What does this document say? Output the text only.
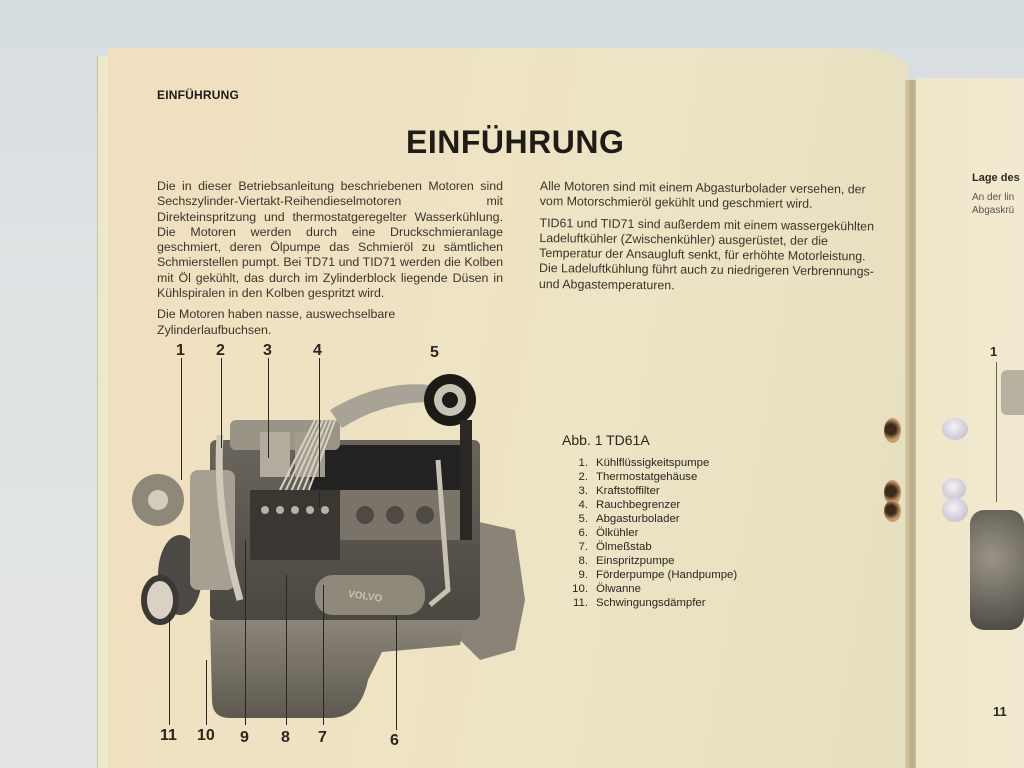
EINFÜHRUNG
EINFÜHRUNG

Die in dieser Betriebsanleitung beschriebenen Motoren sind Sechszylinder-Viertakt-Reihendieselmotoren mit Direkteinspritzung und thermostatgeregelter Wasserkühlung. Die Motoren werden durch eine Druckschmieranlage geschmiert, deren Ölpumpe das Schmieröl zu sämtlichen Schmierstellen pumpt. Bei TD71 und TID71 werden die Kolben mit Öl gekühlt, das durch im Zylinderblock liegende Düsen in Kühlspiralen in den Kolben gespritzt wird.

Die Motoren haben nasse, auswechselbare Zylinderlaufbuchsen.

Alle Motoren sind mit einem Abgasturbolader versehen, der vom Motorschmieröl gekühlt und geschmiert wird.

TID61 und TID71 sind außerdem mit einem wassergekühlten Ladeluftkühler (Zwischenkühler) ausgerüstet, der die Temperatur der Ansaugluft senkt, für erhöhte Motorleistung. Die Ladeluftkühlung führt auch zu niedrigeren Verbrennungs- und Abgastemperaturen.

VOLVO
1 2 3	4	5
11 10 9 8 7	6
Abb. 1 TD61A
1. Kühlflüssigkeitspumpe
2. Thermostatgehäuse
3. Kraftstoffilter
4. Rauchbegrenzer
5. Abgasturbolader
6. Ölkühler
7. Ölmeßstab
8. Einspritzpumpe
9. Förderpumpe (Handpumpe)
10. Ölwanne
11. Schwingungsdämpfer
Lage des
An der lin
Abgaskrü
1
11
